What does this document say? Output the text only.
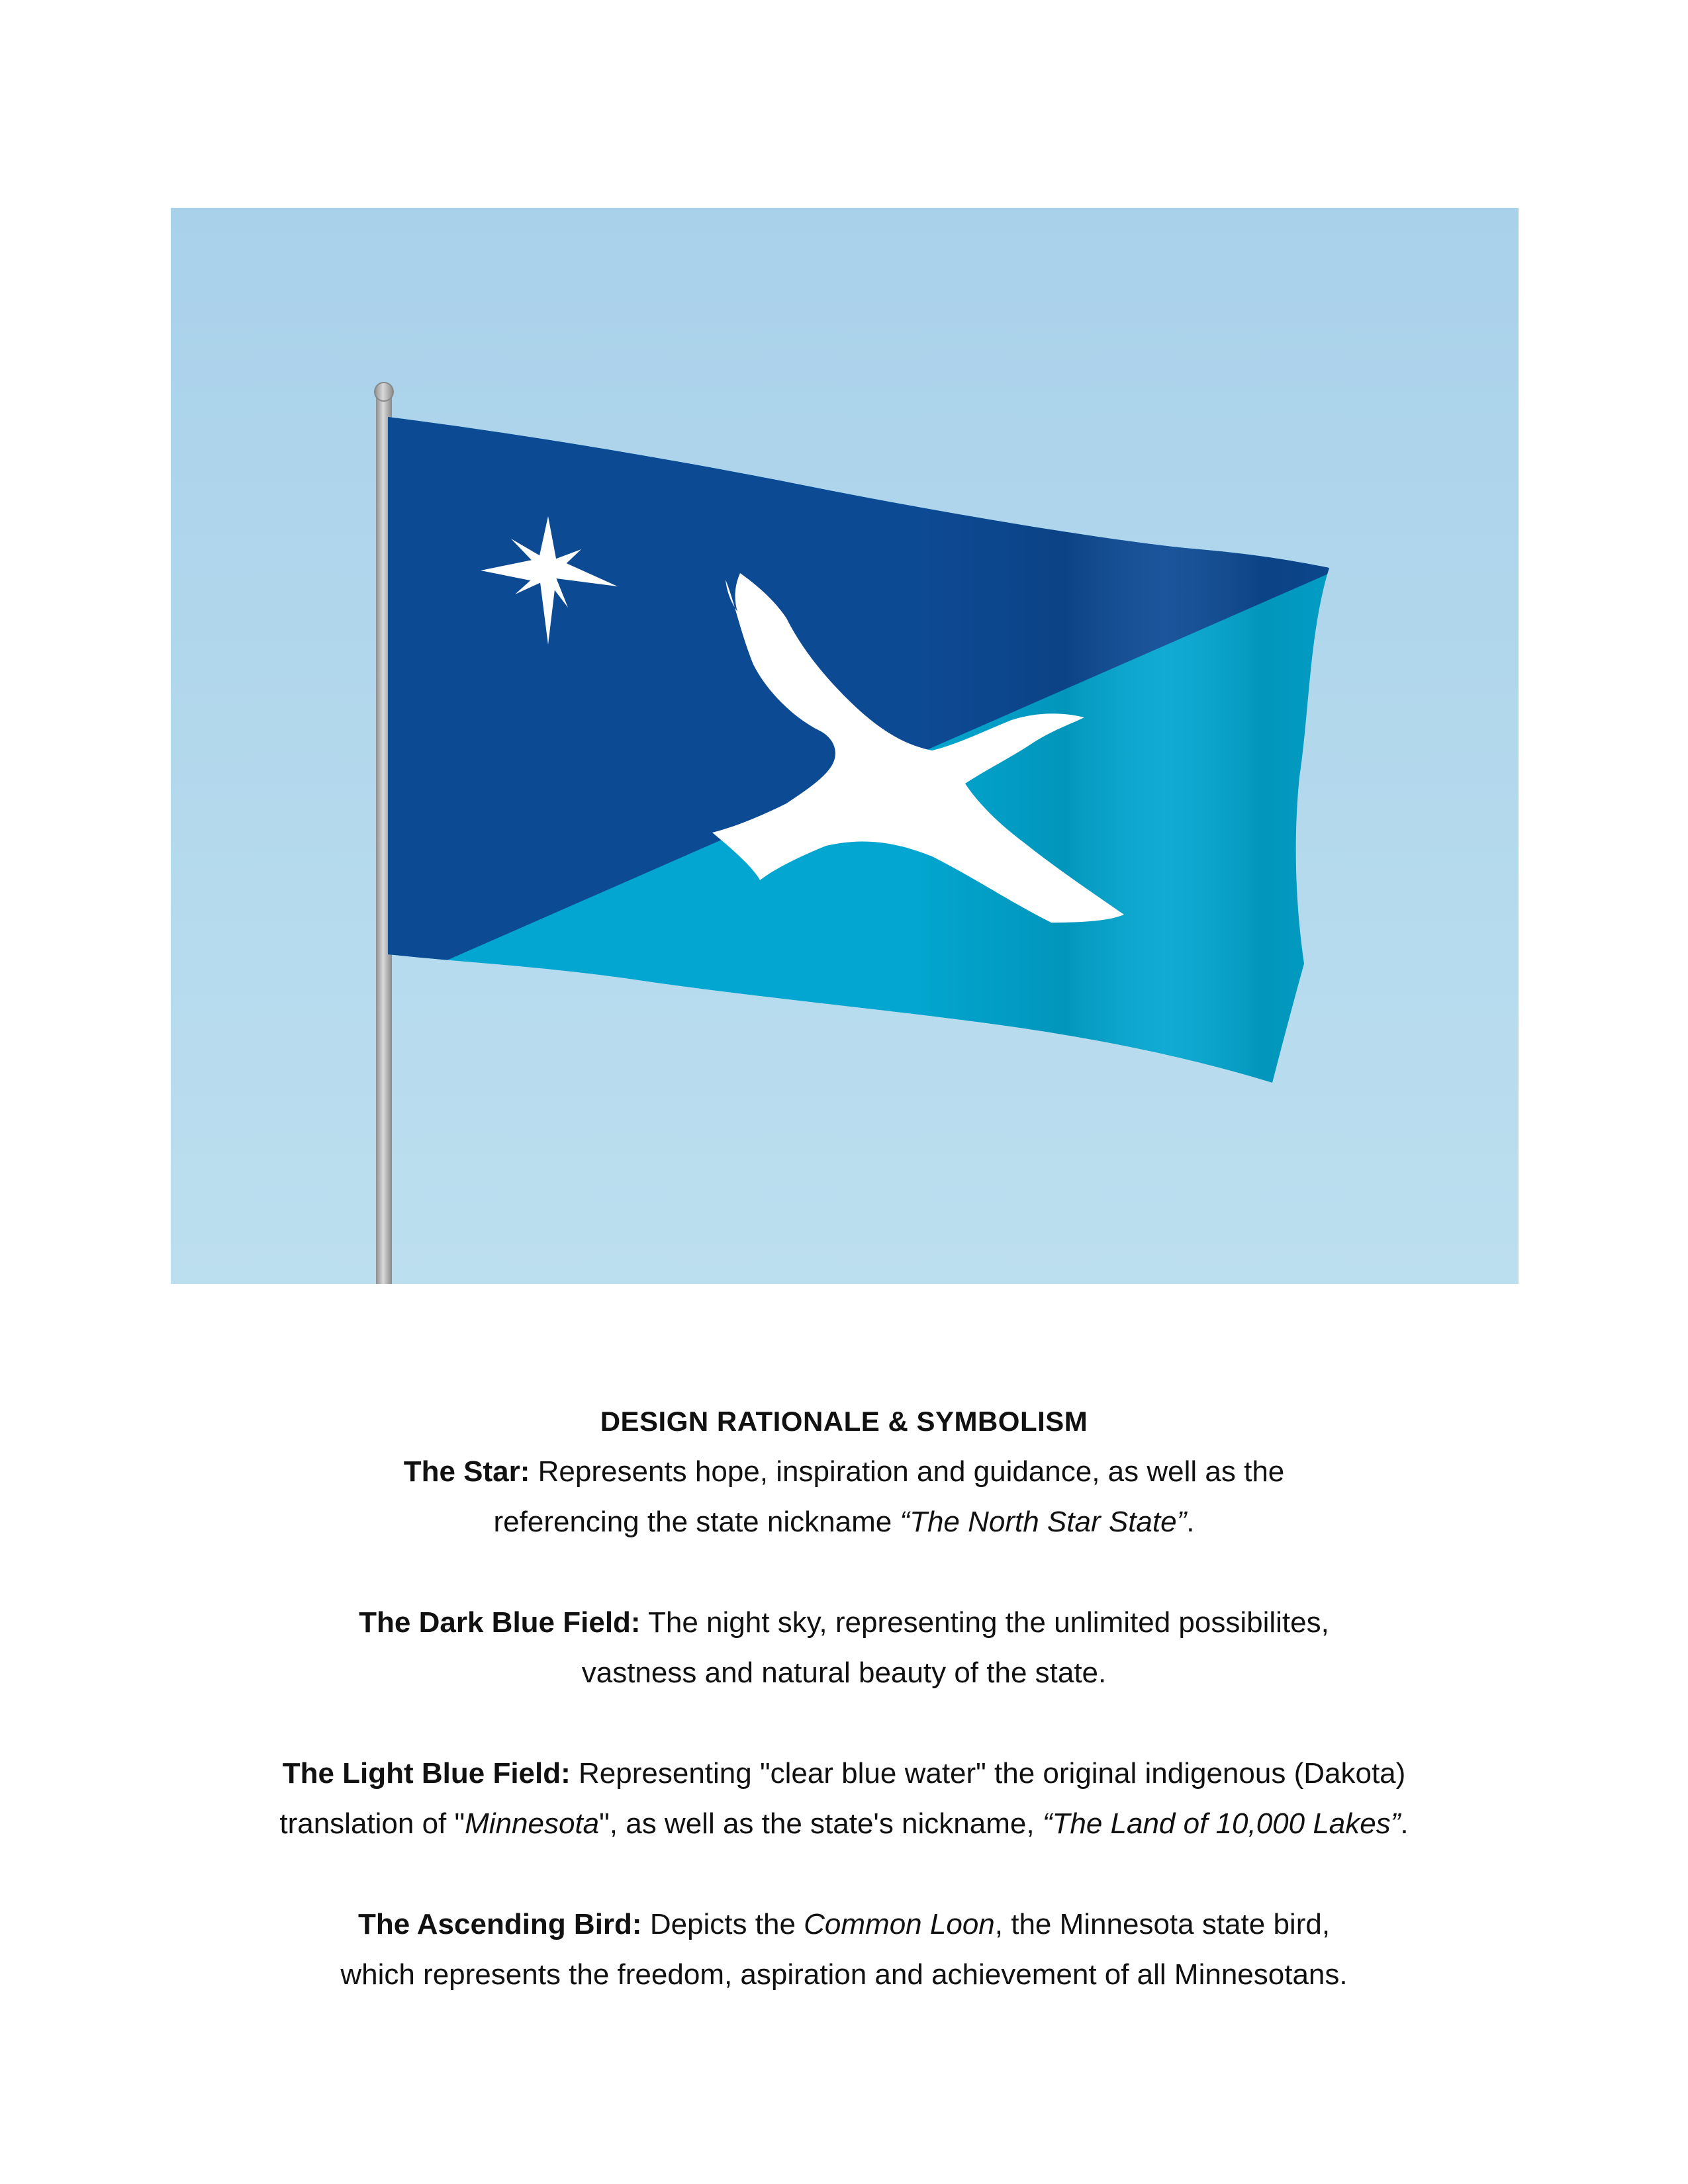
DESIGN RATIONALE & SYMBOLISM

The Star: Represents hope, inspiration and guidance, as well as the
referencing the state nickname “The North Star State”.

The Dark Blue Field: The night sky, representing the unlimited possibilites,
vastness and natural beauty of the state.

The Light Blue Field: Representing "clear blue water" the original indigenous (Dakota)
translation of "Minnesota", as well as the state's nickname, “The Land of 10,000 Lakes”.

The Ascending Bird: Depicts the Common Loon, the Minnesota state bird,
which represents the freedom, aspiration and achievement of all Minnesotans.
